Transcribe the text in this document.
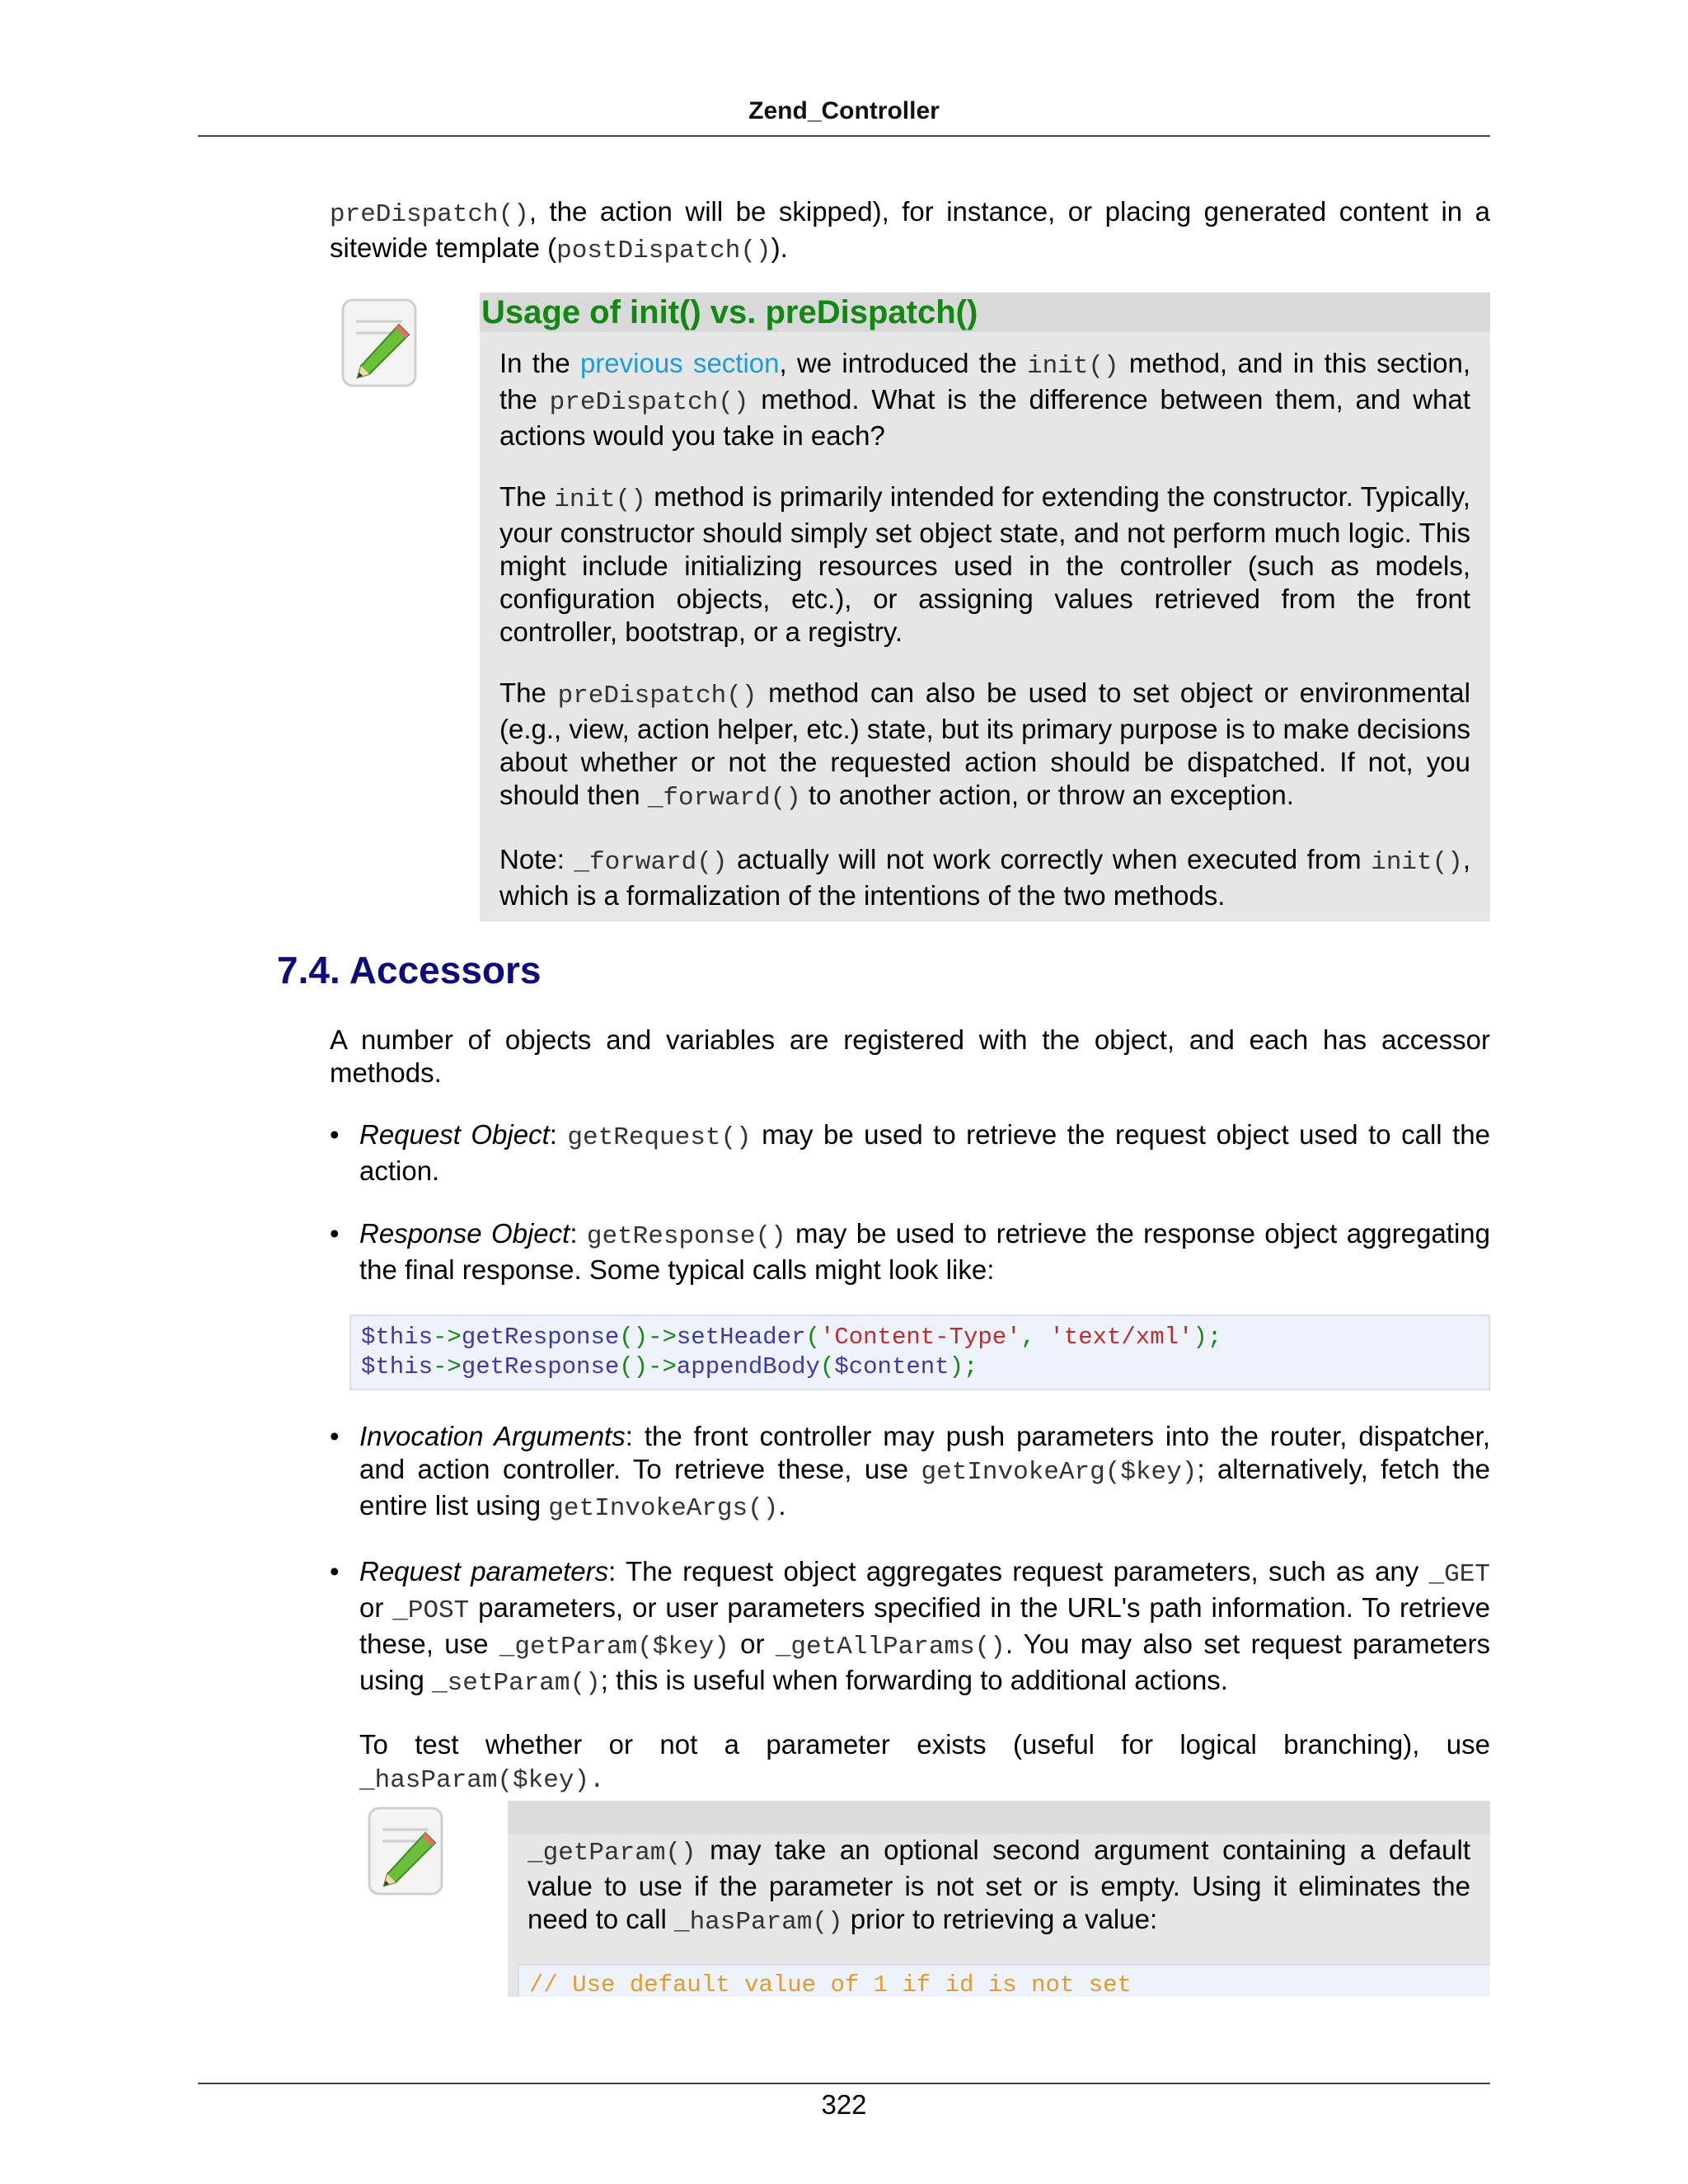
Zend_Controller
preDispatch(), the action will be skipped), for instance, or placing generated content in a sitewide template (postDispatch()).
Usage of init() vs. preDispatch()

In the previous section, we introduced the init() method, and in this section, the preDispatch() method. What is the difference between them, and what actions would you take in each?

The init() method is primarily intended for extending the constructor. Typically, your constructor should simply set object state, and not perform much logic. This might include initializing resources used in the controller (such as models, configuration objects, etc.), or assigning values retrieved from the front controller, bootstrap, or a registry.

The preDispatch() method can also be used to set object or environmental (e.g., view, action helper, etc.) state, but its primary purpose is to make decisions about whether or not the requested action should be dispatched. If not, you should then _forward() to another action, or throw an exception.

Note: _forward() actually will not work correctly when executed from init(), which is a formalization of the intentions of the two methods.

7.4. Accessors
A number of objects and variables are registered with the object, and each has accessor methods.
• Request Object: getRequest() may be used to retrieve the request object used to call the action.

• Response Object: getResponse() may be used to retrieve the response object aggregating the final response. Some typical calls might look like:

$this->getResponse()->setHeader('Content-Type', 'text/xml');
$this->getResponse()->appendBody($content);
• Invocation Arguments: the front controller may push parameters into the router, dispatcher, and action controller. To retrieve these, use getInvokeArg($key); alternatively, fetch the entire list using getInvokeArgs().

• Request parameters: The request object aggregates request parameters, such as any _GET or _POST parameters, or user parameters specified in the URL's path information. To retrieve these, use _getParam($key) or _getAllParams(). You may also set request parameters using _setParam(); this is useful when forwarding to additional actions.

To test whether or not a parameter exists (useful for logical branching), use _hasParam($key).

_getParam() may take an optional second argument containing a default value to use if the parameter is not set or is empty. Using it eliminates the need to call _hasParam() prior to retrieving a value:

// Use default value of 1 if id is not set
322
